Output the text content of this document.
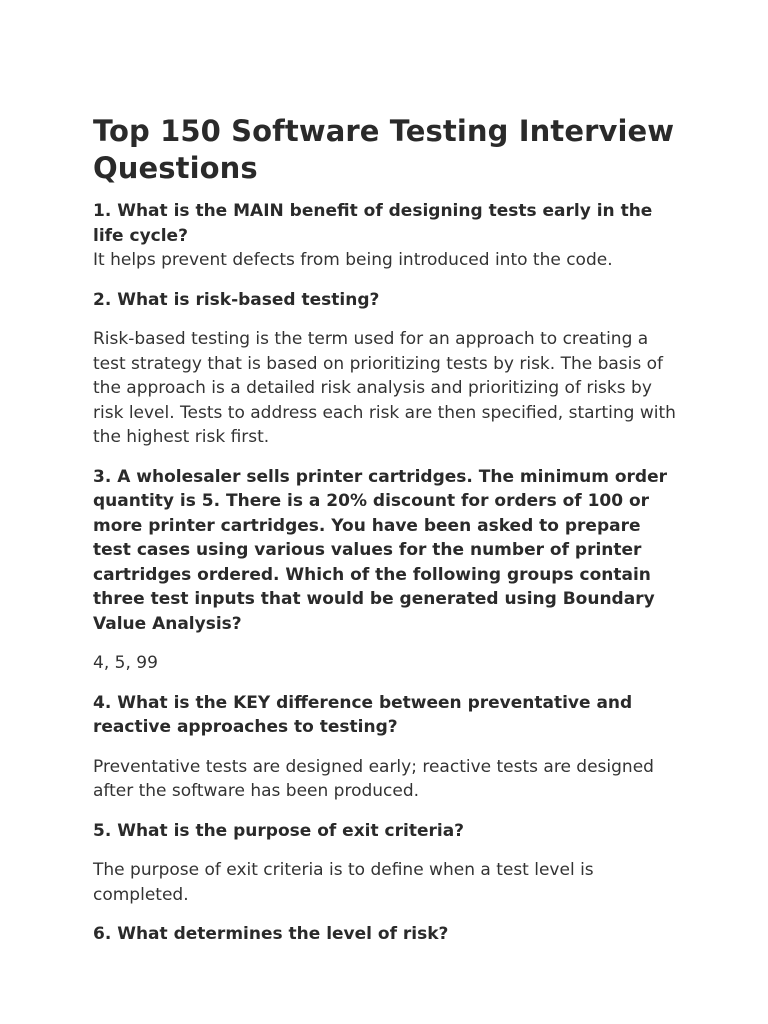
Top 150 Software Testing Interview Questions

1. What is the MAIN benefit of designing tests early in the life cycle?

It helps prevent defects from being introduced into the code.

2. What is risk-based testing?

Risk-based testing is the term used for an approach to creating a test strategy that is based on prioritizing tests by risk. The basis of the approach is a detailed risk analysis and prioritizing of risks by risk level. Tests to address each risk are then specified, starting with the highest risk first.

3. A wholesaler sells printer cartridges. The minimum order quantity is 5. There is a 20% discount for orders of 100 or more printer cartridges. You have been asked to prepare test cases using various values for the number of printer cartridges ordered. Which of the following groups contain three test inputs that would be generated using Boundary Value Analysis?

4, 5, 99

4. What is the KEY difference between preventative and reactive approaches to testing?

Preventative tests are designed early; reactive tests are designed after the software has been produced.

5. What is the purpose of exit criteria?

The purpose of exit criteria is to define when a test level is completed.

6. What determines the level of risk?
